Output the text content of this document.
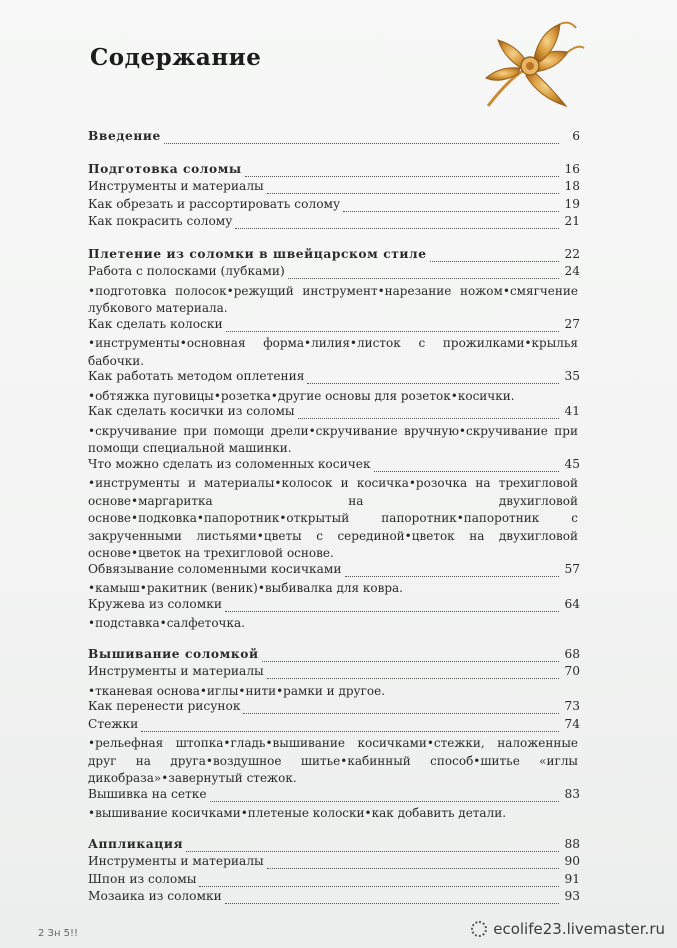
Содержание
Введение	6
Подготовка соломы	16
Инструменты и материалы	18
Как обрезать и рассортировать солому	19
Как покрасить солому	21
Плетение из соломки в швейцарском стиле	22
Работа с полосками (лубками)	24
•подготовка полосок•режущий инструмент•нарезание ножом•смягчение лубкового материала.
Как сделать колоски	27
•инструменты•основная форма•лилия•листок с прожилками•крылья бабочки.
Как работать методом оплетения	35
•обтяжка пуговицы•розетка•другие основы для розеток•косички.
Как сделать косички из соломы	41
•скручивание при помощи дрели•скручивание вручную•скручивание при помощи специальной машинки.
Что можно сделать из соломенных косичек	45
•инструменты и материалы•колосок и косичка•розочка на трехигловой основе•маргаритка на двухигловой основе•подковка•папоротник•открытый папоротник•папоротник с закрученными листьями•цветы с серединой•цветок на двухигловой основе•цветок на трехигловой основе.
Обвязывание соломенными косичками	57
•камыш•ракитник (веник)•выбивалка для ковра.
Кружева из соломки	64
•подставка•салфеточка.
Вышивание соломкой	68
Инструменты и материалы	70
•тканевая основа•иглы•нити•рамки и другое.
Как перенести рисунок	73
Стежки	74
•рельефная штопка•гладь•вышивание косичками•стежки, наложенные друг на друга•воздушное шитье•кабинный способ•шитье «иглы дикобраза»•завернутый стежок.
Вышивка на сетке	83
•вышивание косичками•плетеные колоски•как добавить детали.
Аппликация	88
Инструменты и материалы	90
Шпон из соломы	91
Мозаика из соломки	93
2 Зн 5!!	ecolife23.livemaster.ru
